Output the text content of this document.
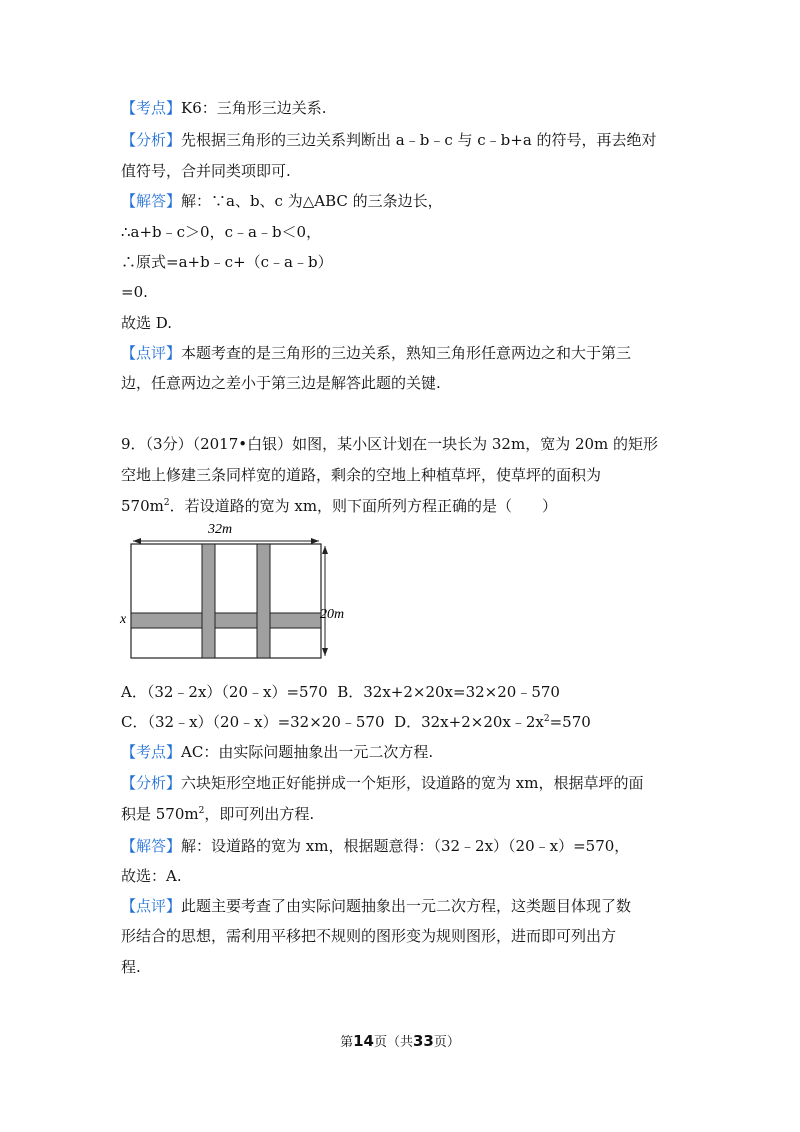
【考点】K6：三角形三边关系.
【分析】先根据三角形的三边关系判断出 a﹣b﹣c 与 c﹣b+a 的符号，再去绝对
值符号，合并同类项即可.
【解答】解：∵a、b、c 为△ABC 的三条边长，
∴a+b﹣c＞0，c﹣a﹣b＜0，
∴原式=a+b﹣c+（c﹣a﹣b）
=0.
故选 D.
【点评】本题考查的是三角形的三边关系，熟知三角形任意两边之和大于第三
边，任意两边之差小于第三边是解答此题的关键.
9．（3分）（2017•白银）如图，某小区计划在一块长为 32m，宽为 20m 的矩形
空地上修建三条同样宽的道路，剩余的空地上种植草坪，使草坪的面积为
$570m^2$．若设道路的宽为 xm，则下面所列方程正确的是（　　）
32m
20m
x
A．（32﹣2x）（20﹣x）=570 B．32x+2×20x=32×20﹣570
C．（32﹣x）（20﹣x）=32×20﹣570 D．$32x+2\times 20x﹣2x^2=570$
【考点】AC：由实际问题抽象出一元二次方程.
【分析】六块矩形空地正好能拼成一个矩形，设道路的宽为 xm，根据草坪的面
积是 $570m^2$，即可列出方程.
【解答】解：设道路的宽为 xm，根据题意得：（32﹣2x）（20﹣x）=570，
故选：A.
【点评】此题主要考查了由实际问题抽象出一元二次方程，这类题目体现了数
形结合的思想，需利用平移把不规则的图形变为规则图形，进而即可列出方
程.
第14页（共33页）
